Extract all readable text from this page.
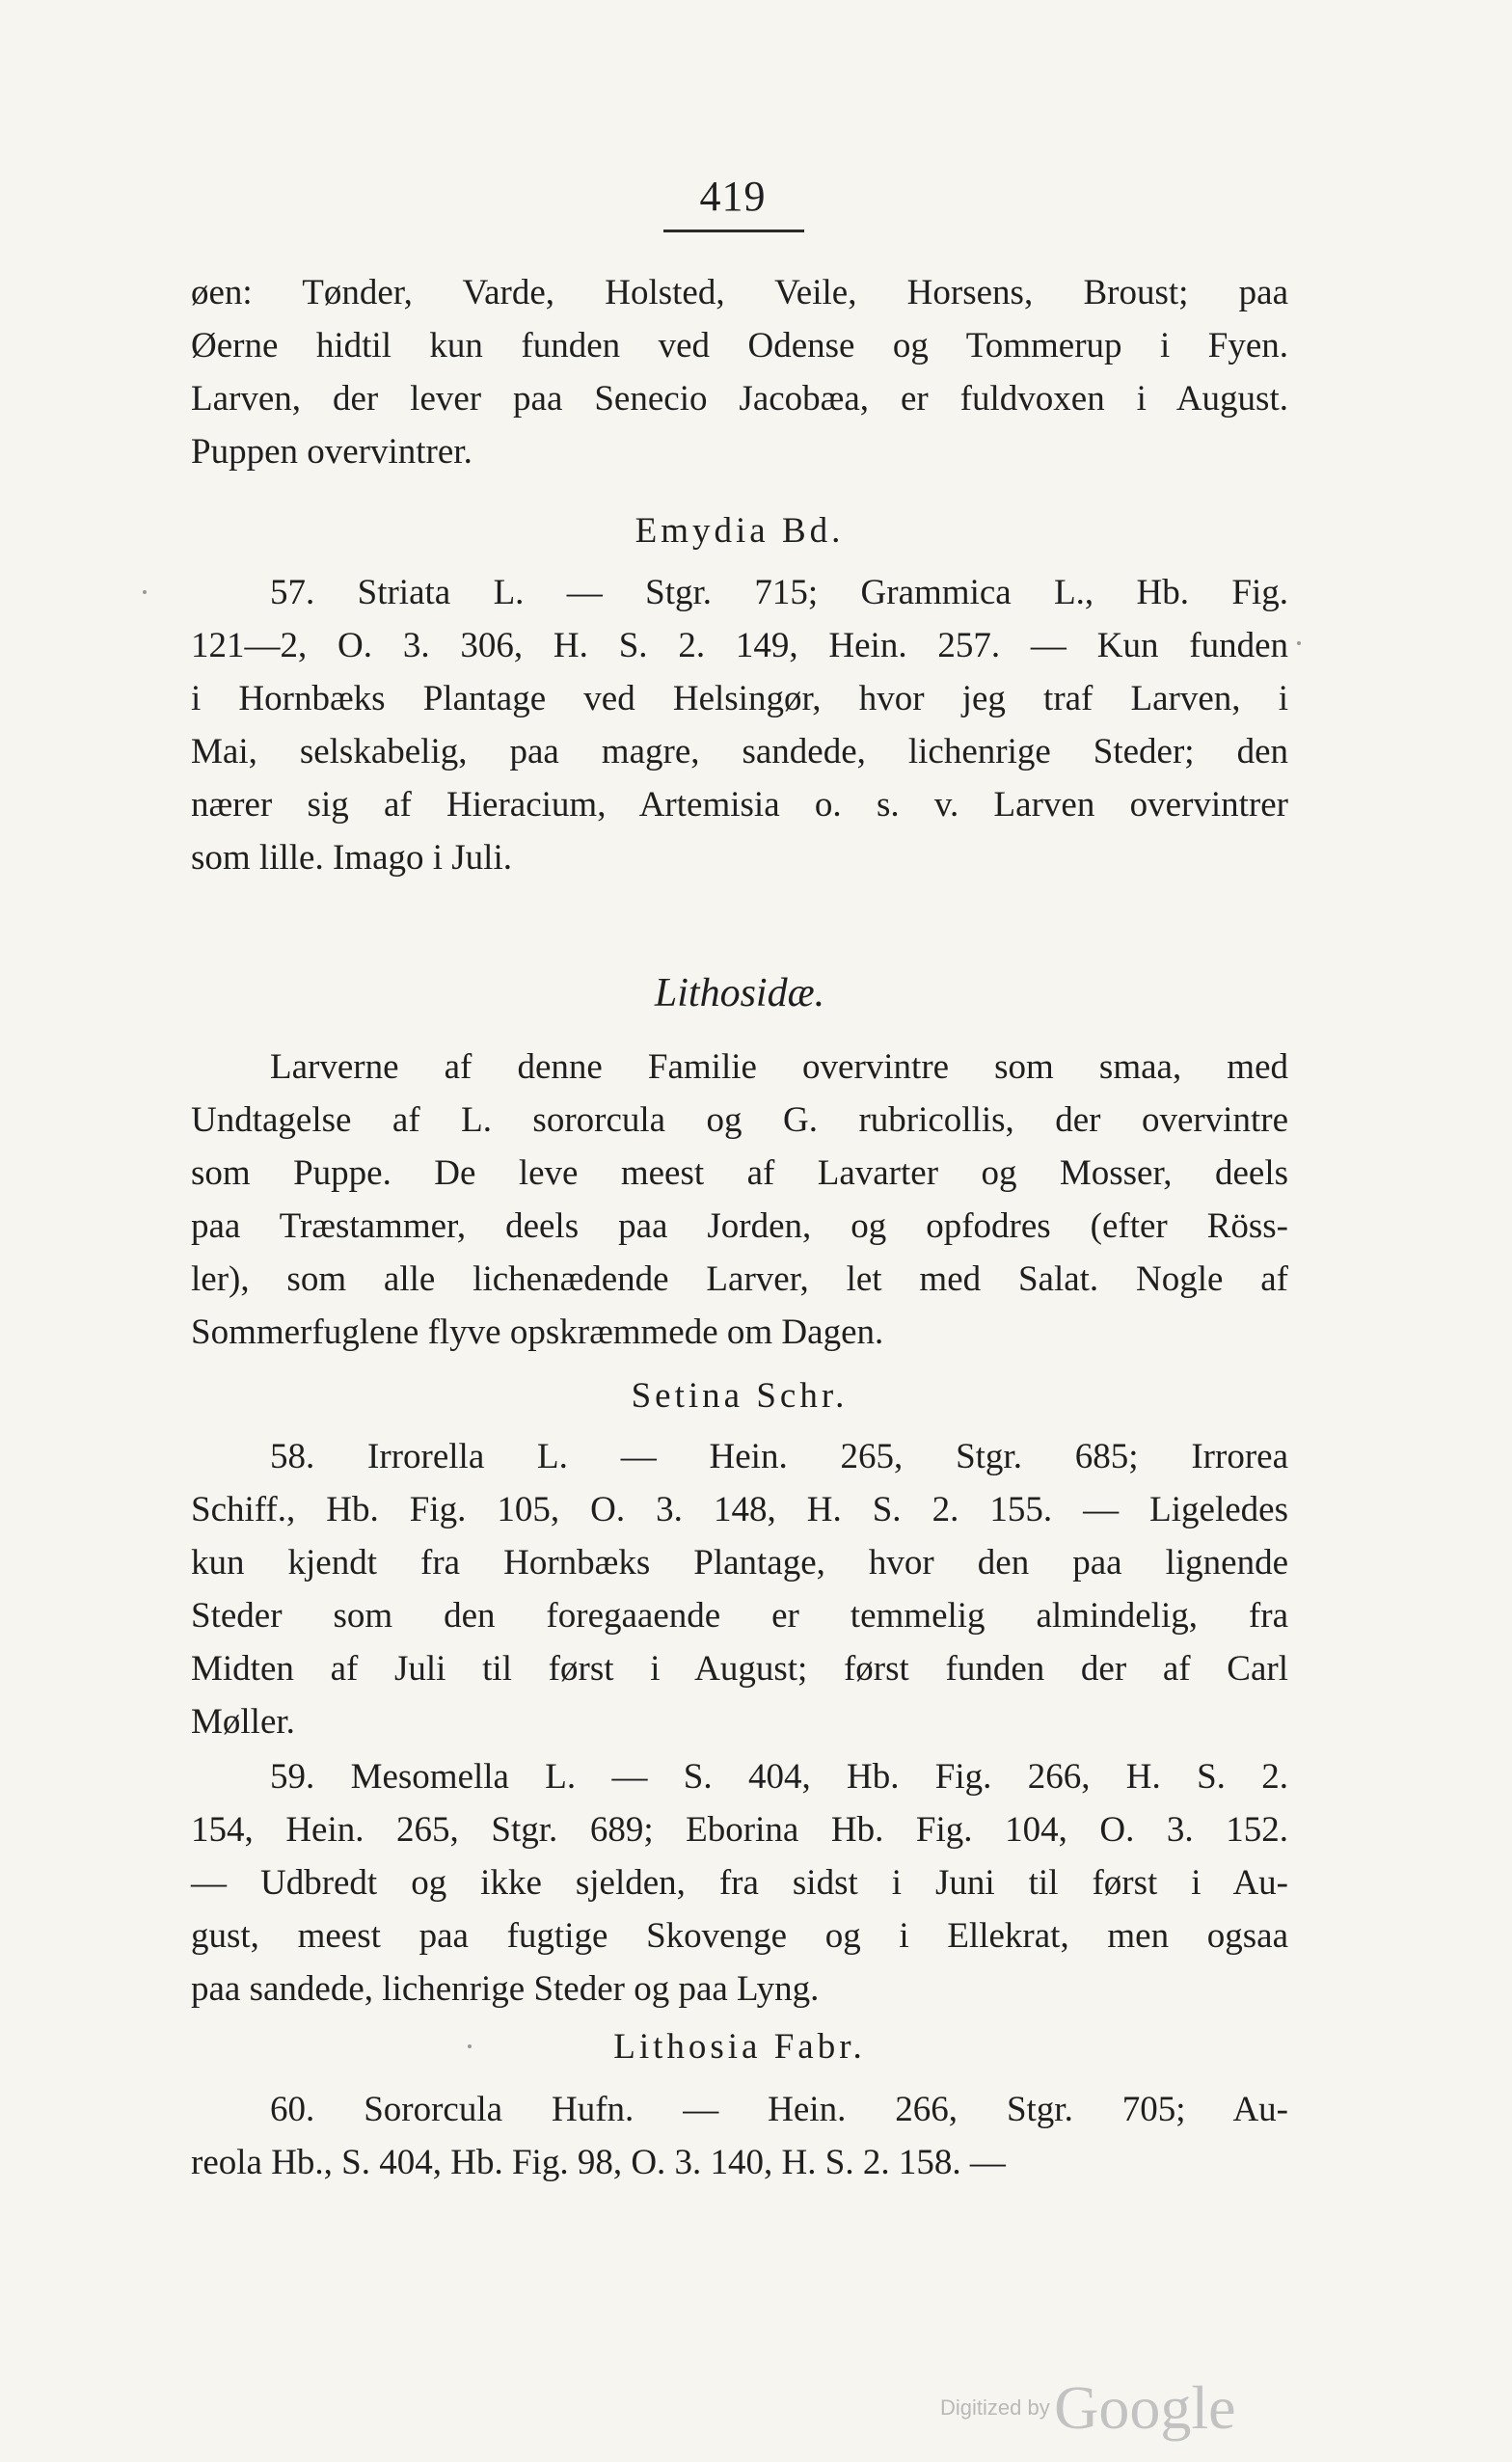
419
øen: Tønder, Varde, Holsted, Veile, Horsens, Broust; paa
Øerne hidtil kun funden ved Odense og Tommerup i Fyen.
Larven, der lever paa Senecio Jacobæa, er fuldvoxen i August.
Puppen overvintrer.
Emydia Bd.
57. Striata L. — Stgr. 715; Grammica L., Hb. Fig.
121—2, O. 3. 306, H. S. 2. 149, Hein. 257. — Kun funden
i Hornbæks Plantage ved Helsingør, hvor jeg traf Larven, i
Mai, selskabelig, paa magre, sandede, lichenrige Steder; den
nærer sig af Hieracium, Artemisia o. s. v. Larven overvintrer
som lille. Imago i Juli.
Lithosidæ.
Larverne af denne Familie overvintre som smaa, med
Undtagelse af L. sororcula og G. rubricollis, der overvintre
som Puppe. De leve meest af Lavarter og Mosser, deels
paa Træstammer, deels paa Jorden, og opfodres (efter Röss-
ler), som alle lichenædende Larver, let med Salat. Nogle af
Sommerfuglene flyve opskræmmede om Dagen.
Setina Schr.
58. Irrorella L. — Hein. 265, Stgr. 685; Irrorea
Schiff., Hb. Fig. 105, O. 3. 148, H. S. 2. 155. — Ligeledes
kun kjendt fra Hornbæks Plantage, hvor den paa lignende
Steder som den foregaaende er temmelig almindelig, fra
Midten af Juli til først i August; først funden der af Carl
Møller.
59. Mesomella L. — S. 404, Hb. Fig. 266, H. S. 2.
154, Hein. 265, Stgr. 689; Eborina Hb. Fig. 104, O. 3. 152.
— Udbredt og ikke sjelden, fra sidst i Juni til først i Au-
gust, meest paa fugtige Skovenge og i Ellekrat, men ogsaa
paa sandede, lichenrige Steder og paa Lyng.
Lithosia Fabr.
60. Sororcula Hufn. — Hein. 266, Stgr. 705; Au-
reola Hb., S. 404, Hb. Fig. 98, O. 3. 140, H. S. 2. 158. —
Digitized by Google
